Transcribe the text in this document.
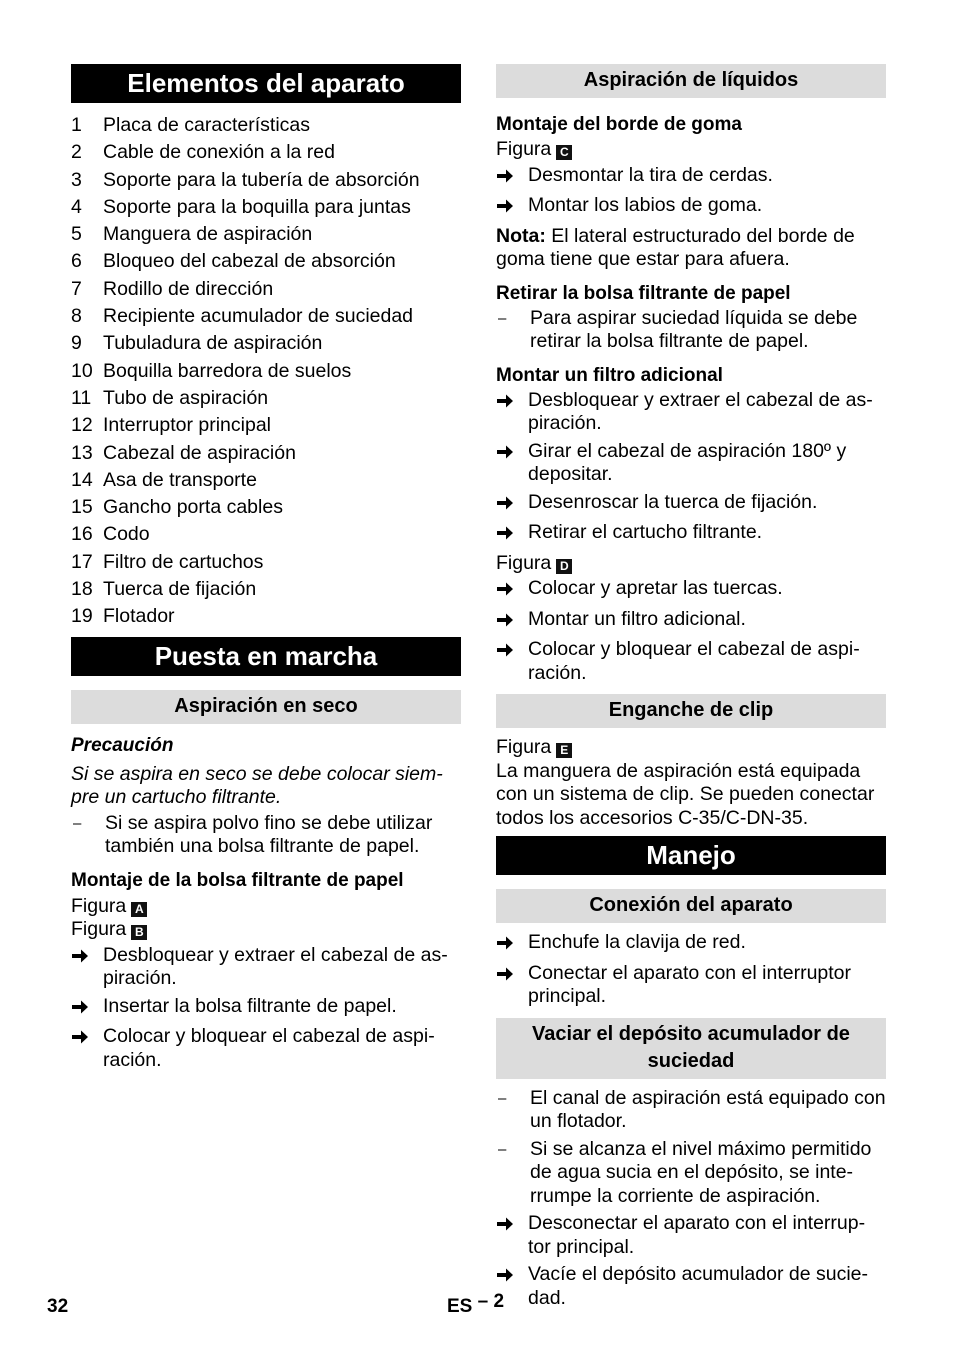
Elementos del aparato
1	Placa de características
2	Cable de conexión a la red
3	Soporte para la tubería de absorción
4	Soporte para la boquilla para juntas
5	Manguera de aspiración
6	Bloqueo del cabezal de absorción
7	Rodillo de dirección
8	Recipiente acumulador de suciedad
9	Tubuladura de aspiración
10 Boquilla barredora de suelos
11 Tubo de aspiración
12 Interruptor principal
13 Cabezal de aspiración
14 Asa de transporte
15 Gancho porta cables
16 Codo
17 Filtro de cartuchos
18 Tuerca de fijación
19 Flotador
Puesta en marcha
Aspiración en seco
Precaución
Si se aspira en seco se debe colocar siem-pre un cartucho filtrante.
–	Si se aspira polvo fino se debe utilizar también una bolsa filtrante de papel.
Montaje de la bolsa filtrante de papel
Figura A
Figura B
Desbloquear y extraer el cabezal de as-piración.
Insertar la bolsa filtrante de papel.
Colocar y bloquear el cabezal de aspi-ración.
Aspiración de líquidos
Montaje del borde de goma
Figura C
Desmontar la tira de cerdas.
Montar los labios de goma.
Nota: El lateral estructurado del borde de goma tiene que estar para afuera.
Retirar la bolsa filtrante de papel
–	Para aspirar suciedad líquida se debe retirar la bolsa filtrante de papel.
Montar un filtro adicional
Desbloquear y extraer el cabezal de as-piración.
Girar el cabezal de aspiración 180º y depositar.
Desenroscar la tuerca de fijación.
Retirar el cartucho filtrante.
Figura D
Colocar y apretar las tuercas.
Montar un filtro adicional.
Colocar y bloquear el cabezal de aspi-ración.
Enganche de clip
Figura E
La manguera de aspiración está equipada con un sistema de clip. Se pueden conectar todos los accesorios C-35/C-DN-35.
Manejo
Conexión del aparato
Enchufe la clavija de red.
Conectar el aparato con el interruptor principal.
Vaciar el depósito acumulador de suciedad
–	El canal de aspiración está equipado con un flotador.
–	Si se alcanza el nivel máximo permitido de agua sucia en el depósito, se inte-rrumpe la corriente de aspiración.
Desconectar el aparato con el interrup-tor principal.
Vacíe el depósito acumulador de sucie-dad.
32	ES – 2
